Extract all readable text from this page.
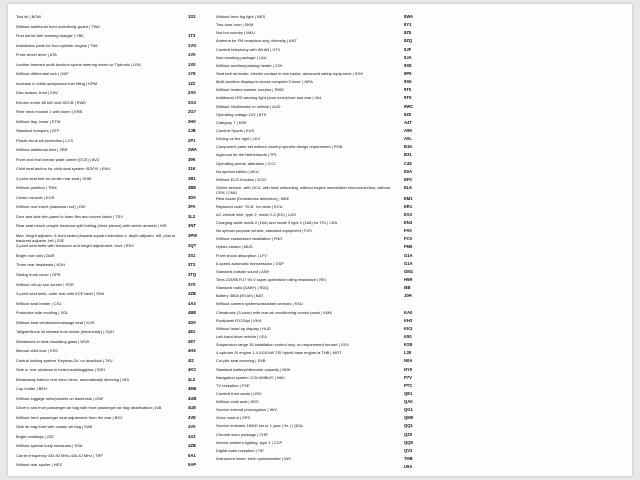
Tool kit | BOW
Without additional front underbody guard | TWU
First aid kit with warning triangle | YBK
Installation parts for four-cylinder engine | TWL
Front wheel drive | ATA
Leather trimmed multi-function sports steering wheel w/ Tiptronic | LRA
Without differential lock | GDF
Increase in initial acceptance fuel filling | KRM
Disc brakes, front | EAV
Electric motor 85 kW /unit DECB | RWD
Filler neck module 1 with insert | ERB
Without flap, lower | ETM
Standard bumpers | STF
Plastic trunk sill protection | LCS
Without additional tires | ZBR
Front and rear license plate carrier (ECE) | AVZ
Child seat anchor for child seat system ISOFIX | EHU
3-point seat belt for center rear seat | SHM
Without partition | TRM
Center console | KOS
Without roof insert (standard roof) | DEI
Door and side trim panel in foam film and woven fabric | TSV
Rear seat bench unsplit, backrest split folding (three pieces) with center armrest | HIS
Man. height adjustm. & front seats plusseat squab inclination a. depth adjustm. left, plus el. backrest adjustm. left | SJE
3-point seat belts with tensioner and height adjustment, front | RSV
Bright roof rails | DAR
Three rear headrests | KOH
Sliding trunk cover | GPR
Without roll-up sun screen | SSR
3-point seat belts, outer rear with ECE label | SHA
Without seat heater | CS1
Protective side molding | SGL
Without seat ventilation/massage seat | KHS
Tailgate/trunk lid release from inside (electrically) | SQH
Windshield in heat-insulating glass | WSS
Manual child lock | KSS
Central locking system 'Keyless-Go' no deadlock | TKV
Side a. rear windows in heat-insulatingglass | SSH
Breakaway interior rear view mirror, automatically dimming | INS
Cup holder | BEH
Without luggage nets/pockets on backrests | GNF
Driver's and front passenger air bag with front passenger air bag deactivation | AIB
Without front passenger seat adjustment from the rear | BSV
Side air bag front with curtain air bag | SAB
Bright moldings | Z2E
Without special body measures | KSA
Carrier frequency 433.92 MHz-434.42 MHz | TRF
Without rear spoiler | HES
1S3
1T3
1VG
1V0
1X0
1Y8
1Z2
2A0
2G3
2G7
2H0
2JB
2P1
2WA
39K
31K
3B1
3BE
3D0
3FA
3L2
3NT
3PW
3QT
3S1
3T2
3TQ
3Y0
3ZB
4A3
4BE
4D0
4E2
4E7
4H3
4I2
4KC
4L2
4M6
4UB
4U8
4VE
4V0
4X3
4ZB
5A1
5AP
Without front fog light | NES
Two-tone horn | SKM
Not hot country | MKU
Antenna for FM reception only, diversity | ANT
Comfort telephony with WLAN | VTV
Non-smoking package | LAU
Without auxiliary/parking heater | ZJH
Seat belt reminder, electric contact in trim backs, advanced safety equipment | SGK
Multi-function display/on-board computer'Colour' | NRA
Without heated washer nozzles | RWD
Additional LED warning light (door inner)front and rear | VAL
Without 'Multimedia' in vehicle | AUD
Operating voltage 12V | BTK
Category 7 | KRE
Comfort Sports | KUS
Driving on the right | LKV
Component parts set without country-specific design requirement | ROB
Approval for the Netherlands | TPL
Operating permit, alteration | CCC
No special edition | AKU
Without ECO function | ECO
Online service, with OCU, with heat unitcoding, without engine immobilizer interconnection, without CFM | CMU
Rest Assist (Drowsiness detection) | MKE
Replaced code ' EC8 ' for radio | ECU
AC vehicle inlet, type 2, mode 2-3 (EU) | LDO
Charging cable mode 2 (15A) and mode 3 type 2 (16A) for ITU | LRA
No special purpose vehicle, standard equipment | FZS
Without customized installation | FNO
Hybrid variant | MUS
Front shock absorption | LFV
6-speed automatic transmission | GSP
Standard outside sound | ASH
Tires 215/55 R17 94 V super-optimised rolling resistance | REI
Standard radio (DAB+) | RDQ
Battery 380A (59 Ah) | BAT
Without camera systems/assistant sensors | KSU
Climatronic (3-zone) with rear air conditioning control panel | KMA
Roofpanel R1234yf | KKH
Without head-up display | HUD
Left-hand drive vehicle | LEA
Suspension range 35 installation control only, no requirement forroad | GXV
4-cylinder SI engine 1.4 l/115 kW TSI hybrid base engine ia THB | MOT
Cut pile seat covering | SXB
Standard battery/alternator capacity | BGK
Navigation system 'COLUMBUS' | NAV
TV reception | FSE
Comfort front seats | USG
Without child seat | KES
Service interval prolongation | WIV
Voice control | SPS
Service indicator 15000 km or 1 year ( fix ) | QDA
Chrome worn package | CHR
Interior ambient lighting, type 1 | CCP
Digital radio reception | TIE
Instrument insert, km/h speedometer | INS
8WA
8Y1
8Z5
8ZQ
9JF
9JA
9S8
9P9
9S6
9T0
9TK
9WC
9Z0
A4T
A9K
A0L
B1K
B31
C45
E0A
EF0
EL6
EM1
ER1
ES3
EN3
FA0
FC0
FM5
G1A
G1A
GM1
H5R
I8B
J0H
KA0
KH3
KK3
K50
KS8
L35
N0A
NY0
P7V
PTC
QE1
QA0
QG1
QM5
QQ1
QZ0
QQ8
QV3
THB
U5A
